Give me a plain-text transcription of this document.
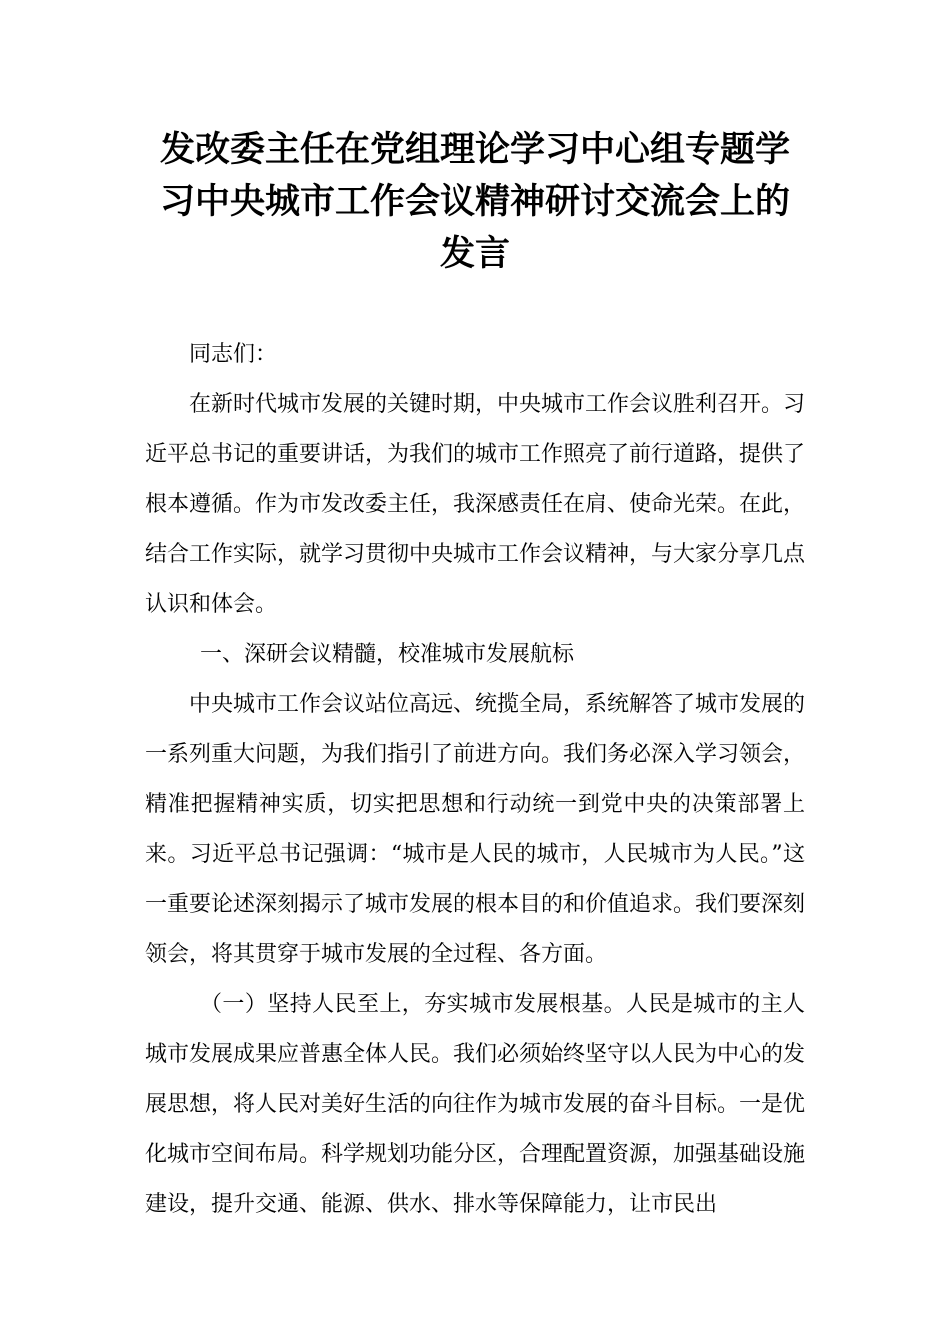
发改委主任在党组理论学习中心组专题学
习中央城市工作会议精神研讨交流会上的
发言

同志们：

在新时代城市发展的关键时期，中央城市工作会议胜利召开。习近平总书记的重要讲话，为我们的城市工作照亮了前行道路，提供了根本遵循。作为市发改委主任，我深感责任在肩、使命光荣。在此，结合工作实际，就学习贯彻中央城市工作会议精神，与大家分享几点认识和体会。

一、深研会议精髓，校准城市发展航标

中央城市工作会议站位高远、统揽全局，系统解答了城市发展的一系列重大问题，为我们指引了前进方向。我们务必深入学习领会，精准把握精神实质，切实把思想和行动统一到党中央的决策部署上来。习近平总书记强调：“城市是人民的城市，人民城市为人民。”这一重要论述深刻揭示了城市发展的根本目的和价值追求。我们要深刻领会，将其贯穿于城市发展的全过程、各方面。

（一）坚持人民至上，夯实城市发展根基。人民是城市的主人城市发展成果应普惠全体人民。我们必须始终坚守以人民为中心的发展思想，将人民对美好生活的向往作为城市发展的奋斗目标。一是优化城市空间布局。科学规划功能分区，合理配置资源，加强基础设施建设，提升交通、能源、供水、排水等保障能力，让市民出
